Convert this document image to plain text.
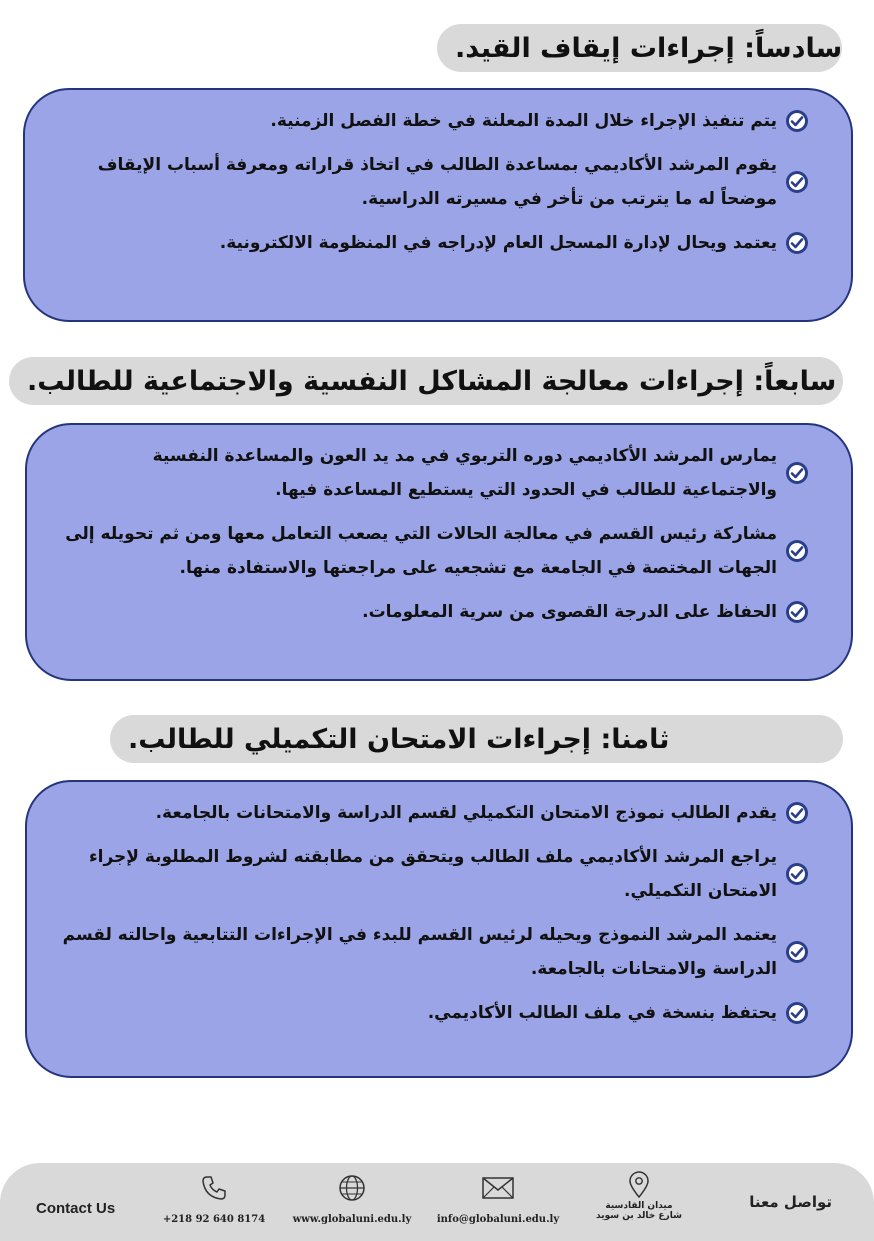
سادساً: إجراءات إيقاف القيد.
يتم تنفيذ الإجراء خلال المدة المعلنة في خطة الفصل الزمنية.
يقوم المرشد الأكاديمي بمساعدة الطالب في اتخاذ قراراته ومعرفة أسباب الإيقاف موضحاً له ما يترتب من تأخر في مسيرته الدراسية.
يعتمد ويحال لإدارة المسجل العام لإدراجه في المنظومة الالكترونية.
سابعاً: إجراءات معالجة المشاكل النفسية والاجتماعية للطالب.
يمارس المرشد الأكاديمي دوره التربوي في مد يد العون والمساعدة النفسية والاجتماعية للطالب في الحدود التي يستطيع المساعدة فيها.
مشاركة رئيس القسم في معالجة الحالات التي يصعب التعامل معها ومن ثم تحويله إلى الجهات المختصة في الجامعة مع تشجعيه على مراجعتها والاستفادة منها.
الحفاظ على الدرجة القصوى من سرية المعلومات.
ثامنا: إجراءات الامتحان التكميلي للطالب.
يقدم الطالب نموذج الامتحان التكميلي لقسم الدراسة والامتحانات بالجامعة.
يراجع المرشد الأكاديمي ملف الطالب ويتحقق من مطابقته لشروط المطلوبة لإجراء الامتحان التكميلي.
يعتمد المرشد النموذج ويحيله لرئيس القسم للبدء في الإجراءات التتابعية واحالته لقسم الدراسة والامتحانات بالجامعة.
يحتفظ بنسخة في ملف الطالب الأكاديمي.
Contact Us
+218 92 640 8174	www.globaluni.edu.ly	info@globaluni.edu.ly
ميدان القادسية
شارع خالد بن سويد
تواصل معنا
